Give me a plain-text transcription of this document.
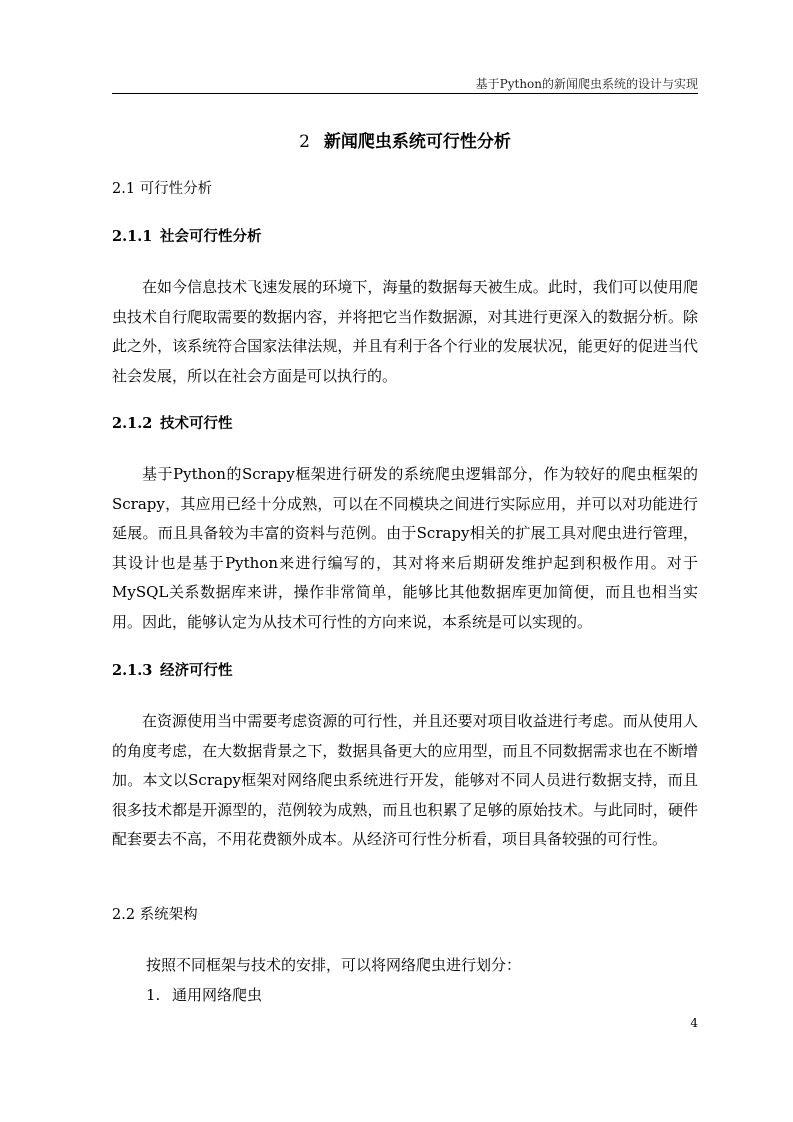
基于Python的新闻爬虫系统的设计与实现
2 新闻爬虫系统可行性分析
2.1 可行性分析
2.1.1 社会可行性分析

在如今信息技术飞速发展的环境下，海量的数据每天被生成。此时，我们可以使用爬虫技术自行爬取需要的数据内容，并将把它当作数据源，对其进行更深入的数据分析。除此之外，该系统符合国家法律法规，并且有利于各个行业的发展状况，能更好的促进当代社会发展，所以在社会方面是可以执行的。

2.1.2 技术可行性

基于Python的Scrapy框架进行研发的系统爬虫逻辑部分，作为较好的爬虫框架的Scrapy，其应用已经十分成熟，可以在不同模块之间进行实际应用，并可以对功能进行延展。而且具备较为丰富的资料与范例。由于Scrapy相关的扩展工具对爬虫进行管理，其设计也是基于Python来进行编写的，其对将来后期研发维护起到积极作用。对于MySQL关系数据库来讲，操作非常简单，能够比其他数据库更加简便，而且也相当实用。因此，能够认定为从技术可行性的方向来说，本系统是可以实现的。

2.1.3 经济可行性

在资源使用当中需要考虑资源的可行性，并且还要对项目收益进行考虑。而从使用人的角度考虑，在大数据背景之下，数据具备更大的应用型，而且不同数据需求也在不断增加。本文以Scrapy框架对网络爬虫系统进行开发，能够对不同人员进行数据支持，而且很多技术都是开源型的，范例较为成熟，而且也积累了足够的原始技术。与此同时，硬件配套要去不高，不用花费额外成本。从经济可行性分析看，项目具备较强的可行性。

2.2 系统架构
按照不同框架与技术的安排，可以将网络爬虫进行划分：
1. 通用网络爬虫
4
